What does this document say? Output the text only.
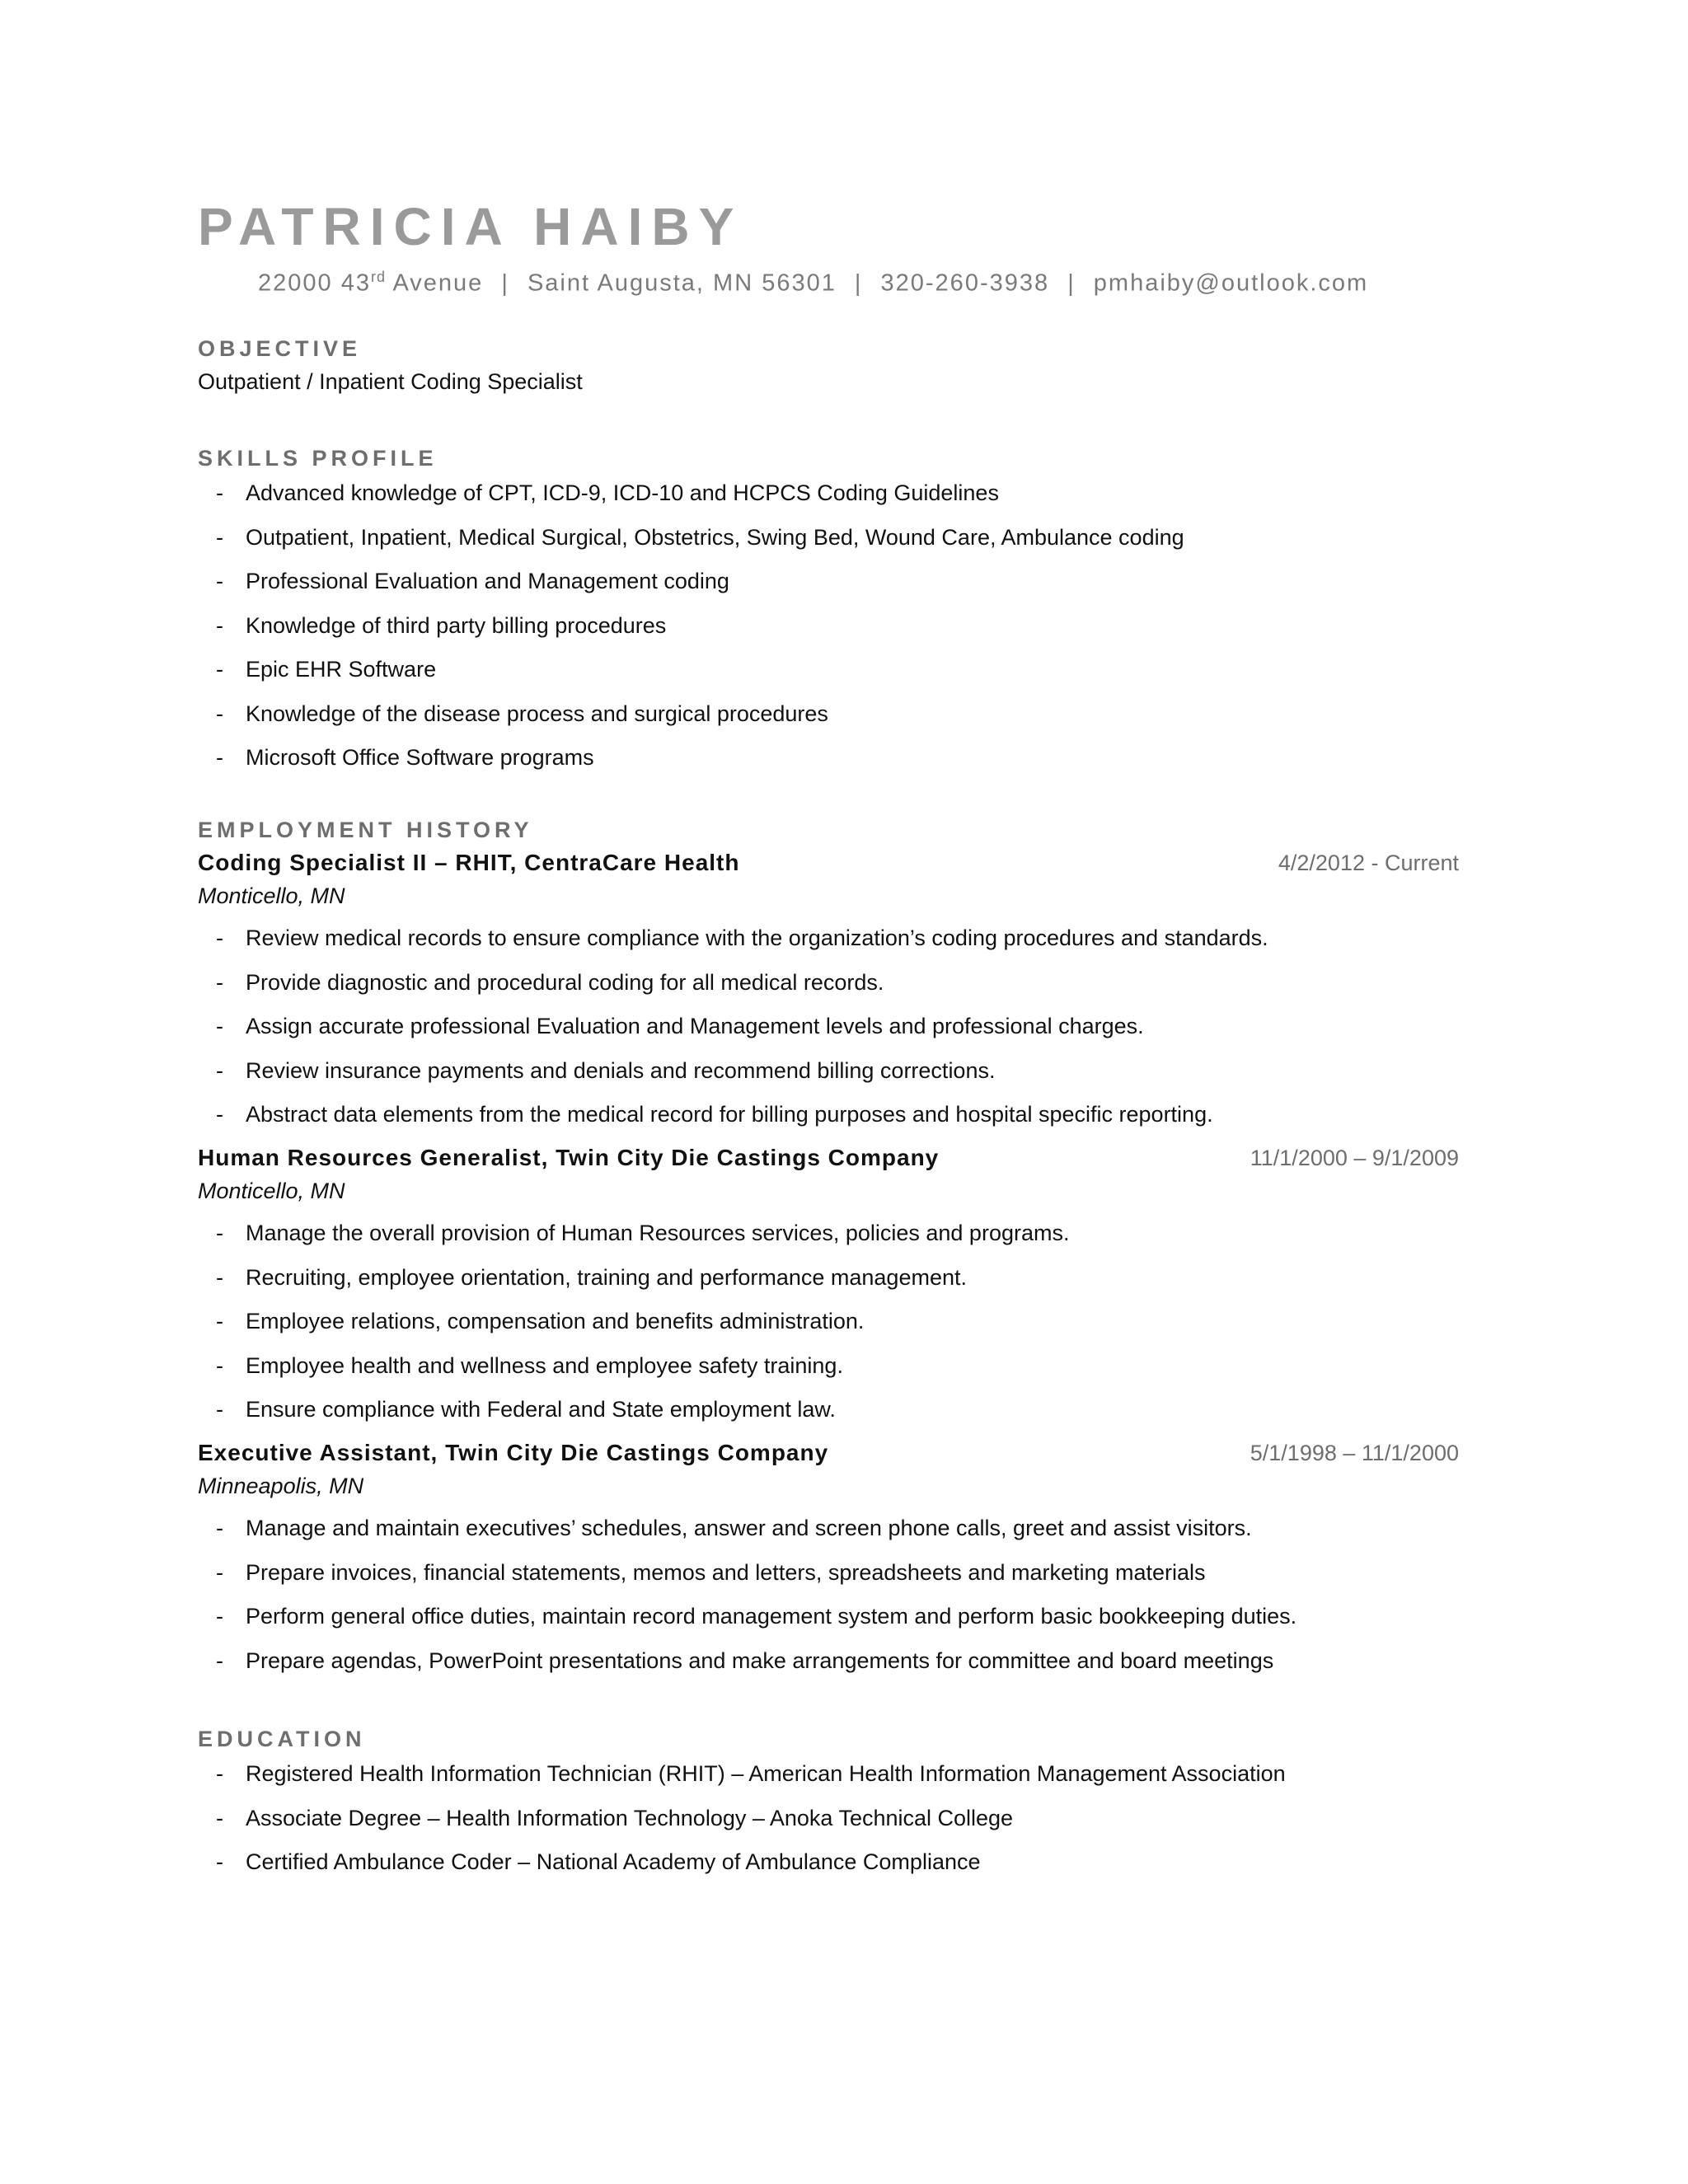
PATRICIA HAIBY
22000 43rd Avenue | Saint Augusta, MN 56301 | 320-260-3938 | pmhaiby@outlook.com
OBJECTIVE
Outpatient / Inpatient Coding Specialist
SKILLS PROFILE
- Advanced knowledge of CPT, ICD-9, ICD-10 and HCPCS Coding Guidelines
- Outpatient, Inpatient, Medical Surgical, Obstetrics, Swing Bed, Wound Care, Ambulance coding
- Professional Evaluation and Management coding
- Knowledge of third party billing procedures
- Epic EHR Software
- Knowledge of the disease process and surgical procedures
- Microsoft Office Software programs
EMPLOYMENT HISTORY
Coding Specialist II – RHIT, CentraCare Health	4/2/2012 - Current
Monticello, MN
- Review medical records to ensure compliance with the organization’s coding procedures and standards.
- Provide diagnostic and procedural coding for all medical records.
- Assign accurate professional Evaluation and Management levels and professional charges.
- Review insurance payments and denials and recommend billing corrections.
- Abstract data elements from the medical record for billing purposes and hospital specific reporting.
Human Resources Generalist, Twin City Die Castings Company	11/1/2000 – 9/1/2009
Monticello, MN
- Manage the overall provision of Human Resources services, policies and programs.
- Recruiting, employee orientation, training and performance management.
- Employee relations, compensation and benefits administration.
- Employee health and wellness and employee safety training.
- Ensure compliance with Federal and State employment law.
Executive Assistant, Twin City Die Castings Company	5/1/1998 – 11/1/2000
Minneapolis, MN
- Manage and maintain executives’ schedules, answer and screen phone calls, greet and assist visitors.
- Prepare invoices, financial statements, memos and letters, spreadsheets and marketing materials
- Perform general office duties, maintain record management system and perform basic bookkeeping duties.
- Prepare agendas, PowerPoint presentations and make arrangements for committee and board meetings
EDUCATION
- Registered Health Information Technician (RHIT) – American Health Information Management Association
- Associate Degree – Health Information Technology – Anoka Technical College
- Certified Ambulance Coder – National Academy of Ambulance Compliance
